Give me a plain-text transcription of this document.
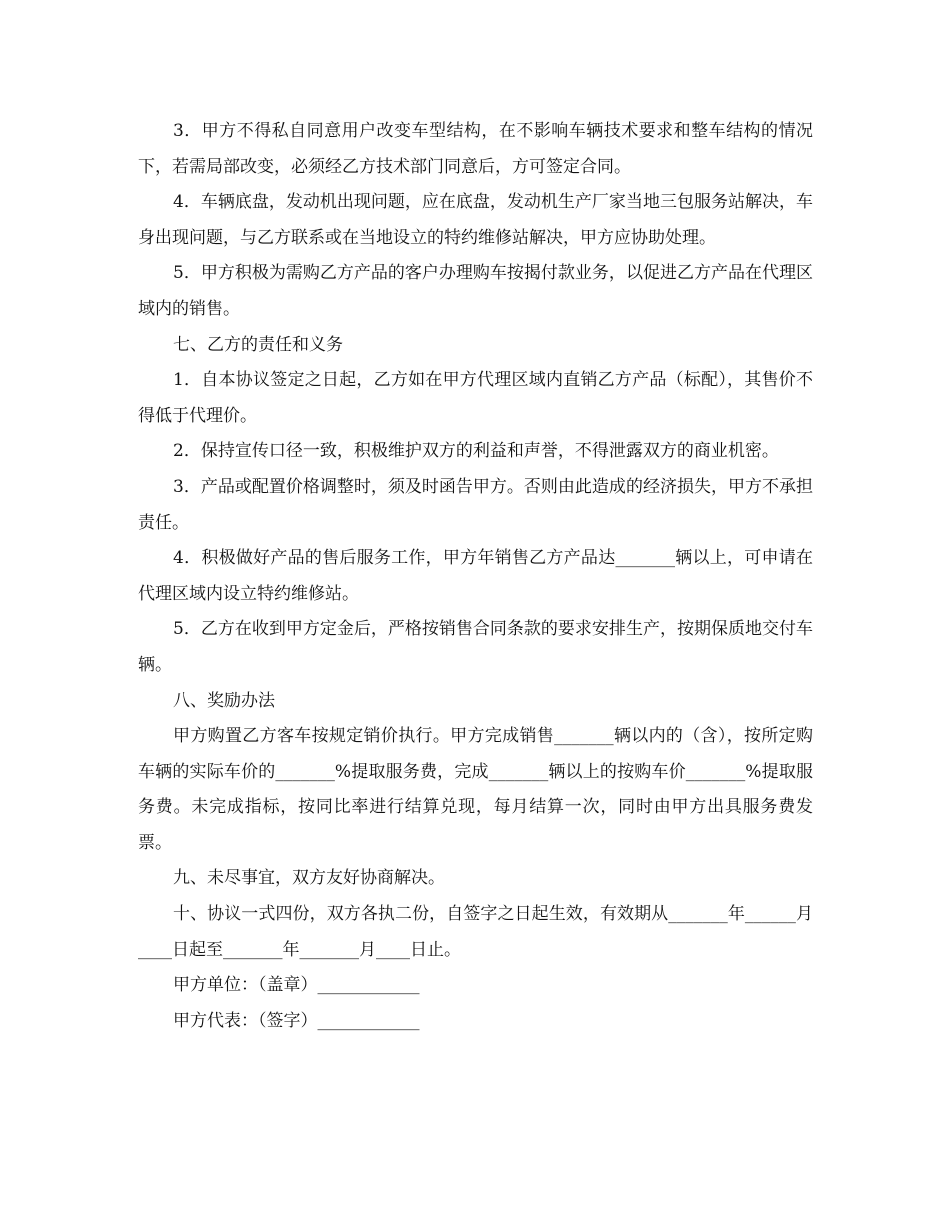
3．甲方不得私自同意用户改变车型结构，在不影响车辆技术要求和整车结构的情况下，若需局部改变，必须经乙方技术部门同意后，方可签定合同。

4．车辆底盘，发动机出现问题，应在底盘，发动机生产厂家当地三包服务站解决，车身出现问题，与乙方联系或在当地设立的特约维修站解决，甲方应协助处理。

5．甲方积极为需购乙方产品的客户办理购车按揭付款业务，以促进乙方产品在代理区域内的销售。

七、乙方的责任和义务

1．自本协议签定之日起，乙方如在甲方代理区域内直销乙方产品（标配），其售价不得低于代理价。

2．保持宣传口径一致，积极维护双方的利益和声誉，不得泄露双方的商业机密。

3．产品或配置价格调整时，须及时函告甲方。否则由此造成的经济损失，甲方不承担责任。

4．积极做好产品的售后服务工作，甲方年销售乙方产品达_______辆以上，可申请在代理区域内设立特约维修站。

5．乙方在收到甲方定金后，严格按销售合同条款的要求安排生产，按期保质地交付车辆。

八、奖励办法

甲方购置乙方客车按规定销价执行。甲方完成销售_______辆以内的（含），按所定购车辆的实际车价的_______%提取服务费，完成_______辆以上的按购车价_______%提取服务费。未完成指标，按同比率进行结算兑现，每月结算一次，同时由甲方出具服务费发票。

九、未尽事宜，双方友好协商解决。

十、协议一式四份，双方各执二份，自签字之日起生效，有效期从_______年______月____日起至_______年_______月____日止。

甲方单位：（盖章）____________

甲方代表：（签字）____________
